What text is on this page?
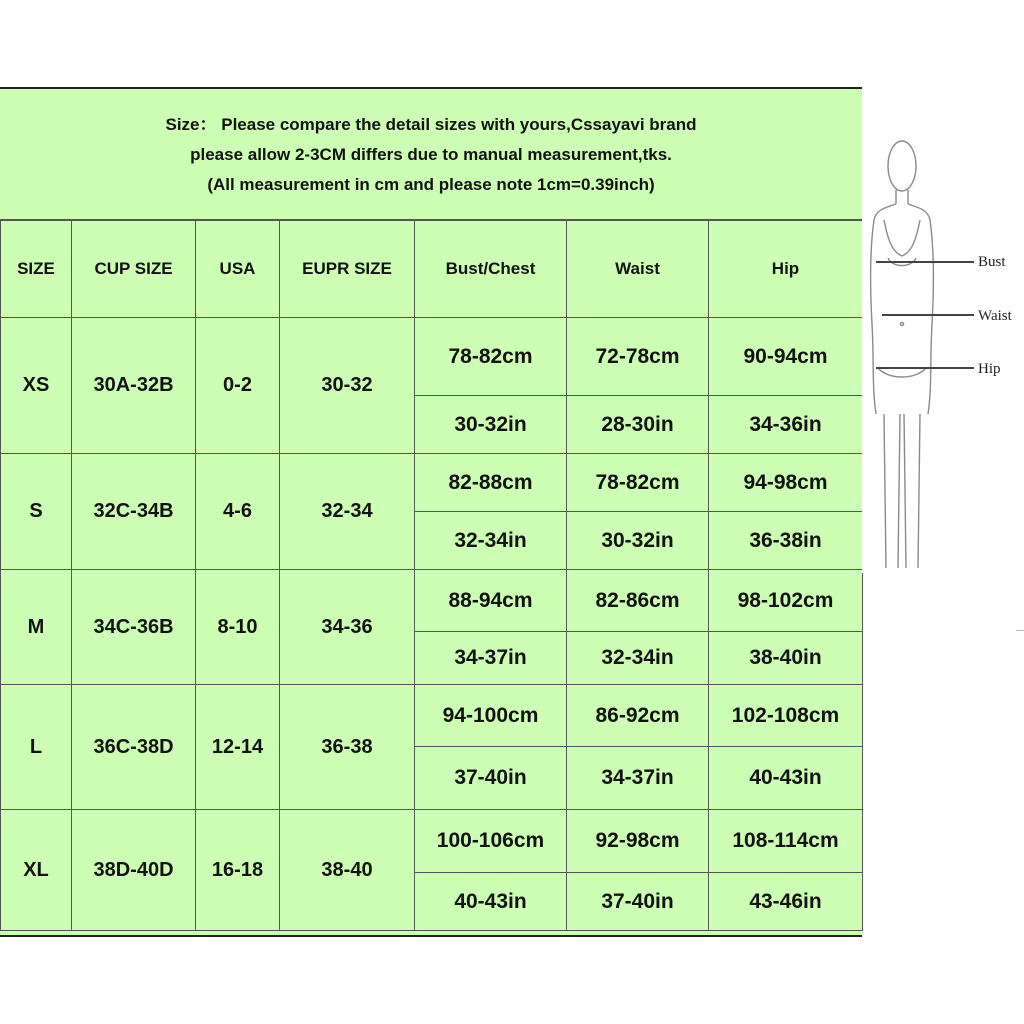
Size： Please compare the detail sizes with yours,Cssayavi brand
please allow 2-3CM differs due to manual measurement,tks.
(All measurement in cm and please note 1cm=0.39inch)
SIZE	CUP SIZE	USA	EUPR SIZE	Bust/Chest	Waist	Hip
XS	30A-32B	0-2	30-32	78-82cm	72-78cm	90-94cm
				30-32in	28-30in	34-36in
S	32C-34B	4-6	32-34	82-88cm	78-82cm	94-98cm
				32-34in	30-32in	36-38in
M	34C-36B	8-10	34-36	88-94cm	82-86cm	98-102cm
				34-37in	32-34in	38-40in
L	36C-38D	12-14	36-38	94-100cm	86-92cm	102-108cm
				37-40in	34-37in	40-43in
XL	38D-40D	16-18	38-40	100-106cm	92-98cm	108-114cm
				40-43in	37-40in	43-46in
Bust
Waist
Hip
